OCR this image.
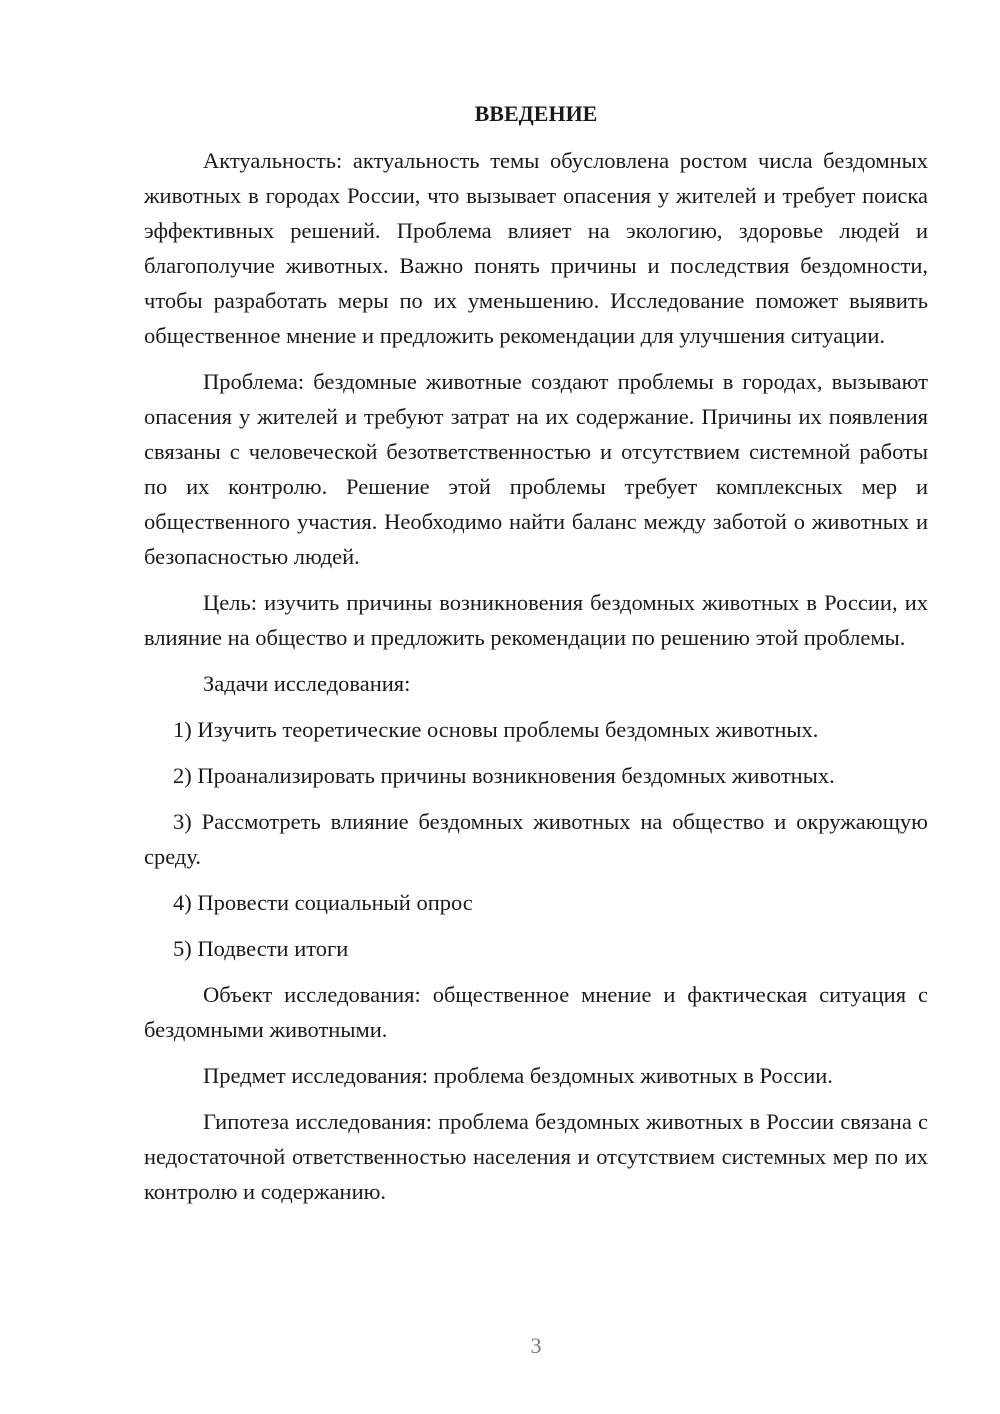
ВВЕДЕНИЕ

Актуальность: актуальность темы обусловлена ростом числа бездомных животных в городах России, что вызывает опасения у жителей и требует поиска эффективных решений. Проблема влияет на экологию, здоровье людей и благополучие животных. Важно понять причины и последствия бездомности, чтобы разработать меры по их уменьшению. Исследование поможет выявить общественное мнение и предложить рекомендации для улучшения ситуации.

Проблема: бездомные животные создают проблемы в городах, вызывают опасения у жителей и требуют затрат на их содержание. Причины их появления связаны с человеческой безответственностью и отсутствием системной работы по их контролю. Решение этой проблемы требует комплексных мер и общественного участия. Необходимо найти баланс между заботой о животных и безопасностью людей.

Цель: изучить причины возникновения бездомных животных в России, их влияние на общество и предложить рекомендации по решению этой проблемы.

Задачи исследования:

1) Изучить теоретические основы проблемы бездомных животных.

2) Проанализировать причины возникновения бездомных животных.

3) Рассмотреть влияние бездомных животных на общество и окружающую среду.

4) Провести социальный опрос

5) Подвести итоги

Объект исследования: общественное мнение и фактическая ситуация с бездомными животными.

Предмет исследования: проблема бездомных животных в России.

Гипотеза исследования: проблема бездомных животных в России связана с недостаточной ответственностью населения и отсутствием системных мер по их контролю и содержанию.

3
